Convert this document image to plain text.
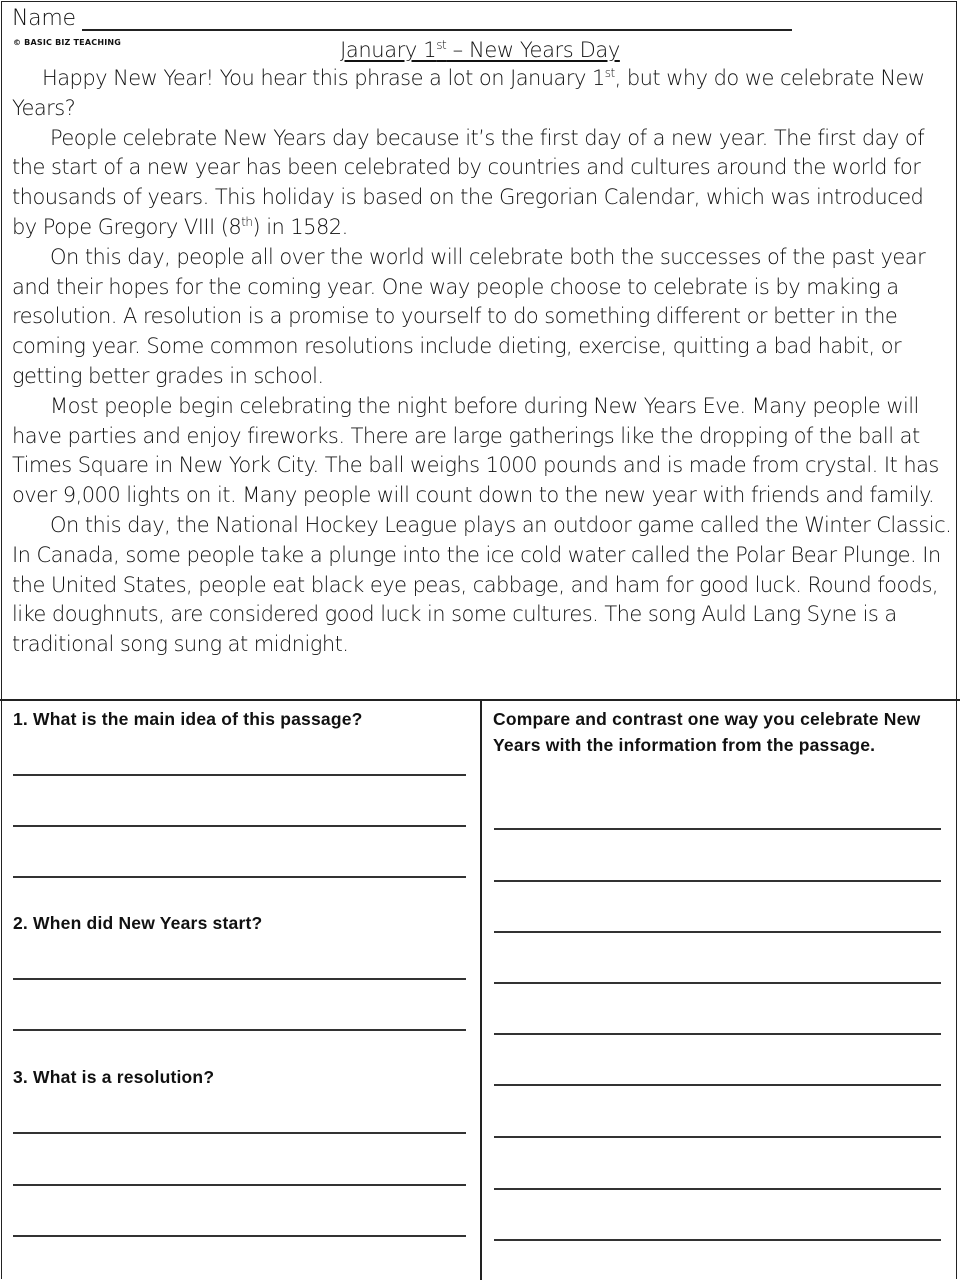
Name
© BASIC BIZ TEACHING	January 1st – New Years Day

Happy New Year! You hear this phrase a lot on January 1st, but why do we celebrate New Years?

People celebrate New Years day because it’s the first day of a new year. The first day of the start of a new year has been celebrated by countries and cultures around the world for thousands of years. This holiday is based on the Gregorian Calendar, which was introduced by Pope Gregory VIII (8th) in 1582.

On this day, people all over the world will celebrate both the successes of the past year and their hopes for the coming year. One way people choose to celebrate is by making a resolution. A resolution is a promise to yourself to do something different or better in the coming year. Some common resolutions include dieting, exercise, quitting a bad habit, or getting better grades in school.

Most people begin celebrating the night before during New Years Eve. Many people will have parties and enjoy fireworks. There are large gatherings like the dropping of the ball at Times Square in New York City. The ball weighs 1000 pounds and is made from crystal. It has over 9,000 lights on it. Many people will count down to the new year with friends and family.

On this day, the National Hockey League plays an outdoor game called the Winter Classic. In Canada, some people take a plunge into the ice cold water called the Polar Bear Plunge. In the United States, people eat black eye peas, cabbage, and ham for good luck. Round foods, like doughnuts, are considered good luck in some cultures. The song Auld Lang Syne is a traditional song sung at midnight.

1. What is the main idea of this passage?
2. When did New Years start?
3. What is a resolution?
Compare and contrast one way you celebrate New Years with the information from the passage.
